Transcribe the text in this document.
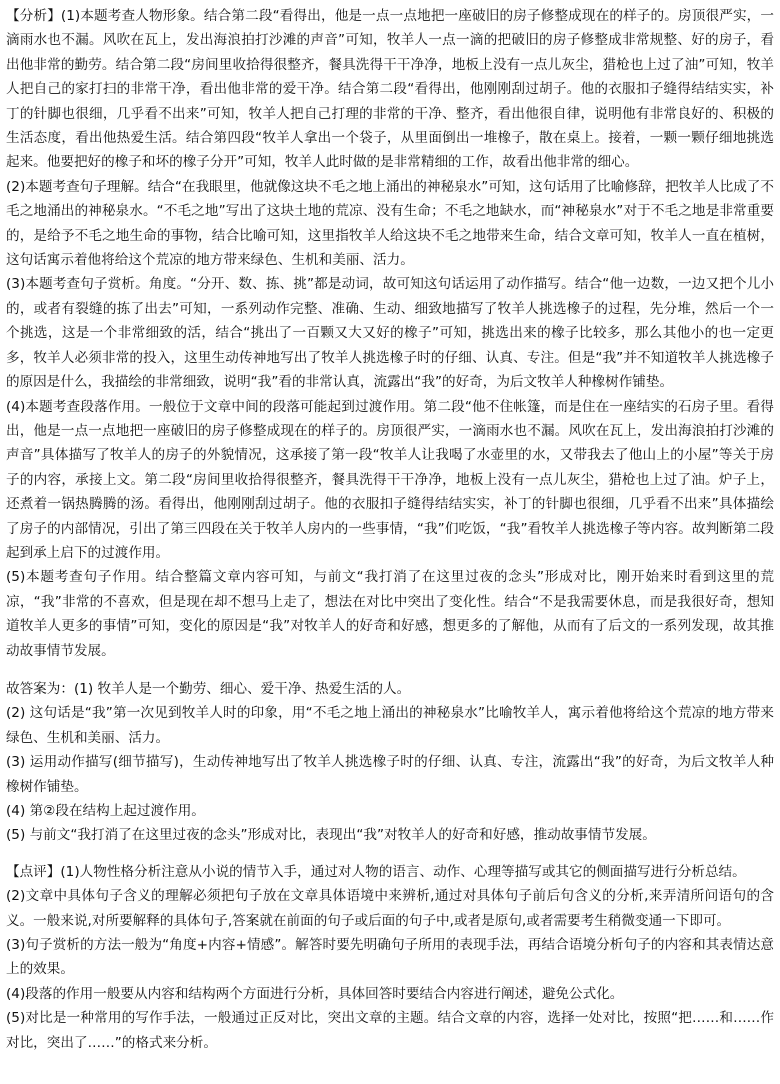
【分析】(1)本题考查人物形象。结合第二段“看得出，他是一点一点地把一座破旧的房子修整成现在的样子的。房顶很严实，一滴雨水也不漏。风吹在瓦上，发出海浪拍打沙滩的声音”可知，牧羊人一点一滴的把破旧的房子修整成非常规整、好的房子，看出他非常的勤劳。结合第二段“房间里收拾得很整齐，餐具洗得干干净净，地板上没有一点儿灰尘，猎枪也上过了油”可知，牧羊人把自己的家打扫的非常干净，看出他非常的爱干净。结合第二段“看得出，他刚刚刮过胡子。他的衣服扣子缝得结结实实，补丁的针脚也很细，几乎看不出来”可知，牧羊人把自己打理的非常的干净、整齐，看出他很自律，说明他有非常良好的、积极的生活态度，看出他热爱生活。结合第四段“牧羊人拿出一个袋子，从里面倒出一堆橡子，散在桌上。接着，一颗一颗仔细地挑选起来。他要把好的橡子和坏的橡子分开”可知，牧羊人此时做的是非常精细的工作，故看出他非常的细心。

(2)本题考查句子理解。结合“在我眼里，他就像这块不毛之地上涌出的神秘泉水”可知，这句话用了比喻修辞，把牧羊人比成了不毛之地涌出的神秘泉水。“不毛之地”写出了这块土地的荒凉、没有生命；不毛之地缺水，而“神秘泉水”对于不毛之地是非常重要的，是给予不毛之地生命的事物，结合比喻可知，这里指牧羊人给这块不毛之地带来生命，结合文章可知，牧羊人一直在植树，这句话寓示着他将给这个荒凉的地方带来绿色、生机和美丽、活力。

(3)本题考查句子赏析。角度。“分开、数、拣、挑”都是动词，故可知这句话运用了动作描写。结合“他一边数，一边又把个儿小的，或者有裂缝的拣了出去”可知，一系列动作完整、准确、生动、细致地描写了牧羊人挑选橡子的过程，先分堆，然后一个一个挑选，这是一个非常细致的活，结合“挑出了一百颗又大又好的橡子”可知，挑选出来的橡子比较多，那么其他小的也一定更多，牧羊人必须非常的投入，这里生动传神地写出了牧羊人挑选橡子时的仔细、认真、专注。但是“我”并不知道牧羊人挑选橡子的原因是什么，我描绘的非常细致，说明“我”看的非常认真，流露出“我”的好奇，为后文牧羊人种橡树作铺垫。

(4)本题考查段落作用。一般位于文章中间的段落可能起到过渡作用。第二段“他不住帐篷，而是住在一座结实的石房子里。看得出，他是一点一点地把一座破旧的房子修整成现在的样子的。房顶很严实，一滴雨水也不漏。风吹在瓦上，发出海浪拍打沙滩的声音”具体描写了牧羊人的房子的外貌情况，这承接了第一段“牧羊人让我喝了水壶里的水，又带我去了他山上的小屋”等关于房子的内容，承接上文。第二段“房间里收拾得很整齐，餐具洗得干干净净，地板上没有一点儿灰尘，猎枪也上过了油。炉子上，还煮着一锅热腾腾的汤。看得出，他刚刚刮过胡子。他的衣服扣子缝得结结实实，补丁的针脚也很细，几乎看不出来”具体描绘了房子的内部情况，引出了第三四段在关于牧羊人房内的一些事情，“我”们吃饭，“我”看牧羊人挑选橡子等内容。故判断第二段起到承上启下的过渡作用。

(5)本题考查句子作用。结合整篇文章内容可知，与前文“我打消了在这里过夜的念头”形成对比，刚开始来时看到这里的荒凉，“我”非常的不喜欢，但是现在却不想马上走了，想法在对比中突出了变化性。结合“不是我需要休息，而是我很好奇，想知道牧羊人更多的事情”可知，变化的原因是“我”对牧羊人的好奇和好感，想更多的了解他，从而有了后文的一系列发现，故其推动故事情节发展。

故答案为：(1) 牧羊人是一个勤劳、细心、爱干净、热爱生活的人。

(2) 这句话是“我”第一次见到牧羊人时的印象，用“不毛之地上涌出的神秘泉水”比喻牧羊人，寓示着他将给这个荒凉的地方带来绿色、生机和美丽、活力。

(3) 运用动作描写(细节描写)，生动传神地写出了牧羊人挑选橡子时的仔细、认真、专注，流露出“我”的好奇，为后文牧羊人种橡树作铺垫。

(4) 第②段在结构上起过渡作用。

(5) 与前文“我打消了在这里过夜的念头”形成对比，表现出“我”对牧羊人的好奇和好感，推动故事情节发展。

【点评】(1)人物性格分析注意从小说的情节入手，通过对人物的语言、动作、心理等描写或其它的侧面描写进行分析总结。

(2)文章中具体句子含义的理解必须把句子放在文章具体语境中来辨析,通过对具体句子前后句含义的分析,来弄清所问语句的含义。一般来说,对所要解释的具体句子,答案就在前面的句子或后面的句子中,或者是原句,或者需要考生稍微变通一下即可。

(3)句子赏析的方法一般为“角度+内容+情感”。解答时要先明确句子所用的表现手法，再结合语境分析句子的内容和其表情达意上的效果。

(4)段落的作用一般要从内容和结构两个方面进行分析，具体回答时要结合内容进行阐述，避免公式化。

(5)对比是一种常用的写作手法，一般通过正反对比，突出文章的主题。结合文章的内容，选择一处对比，按照“把……和……作对比，突出了……”的格式来分析。
